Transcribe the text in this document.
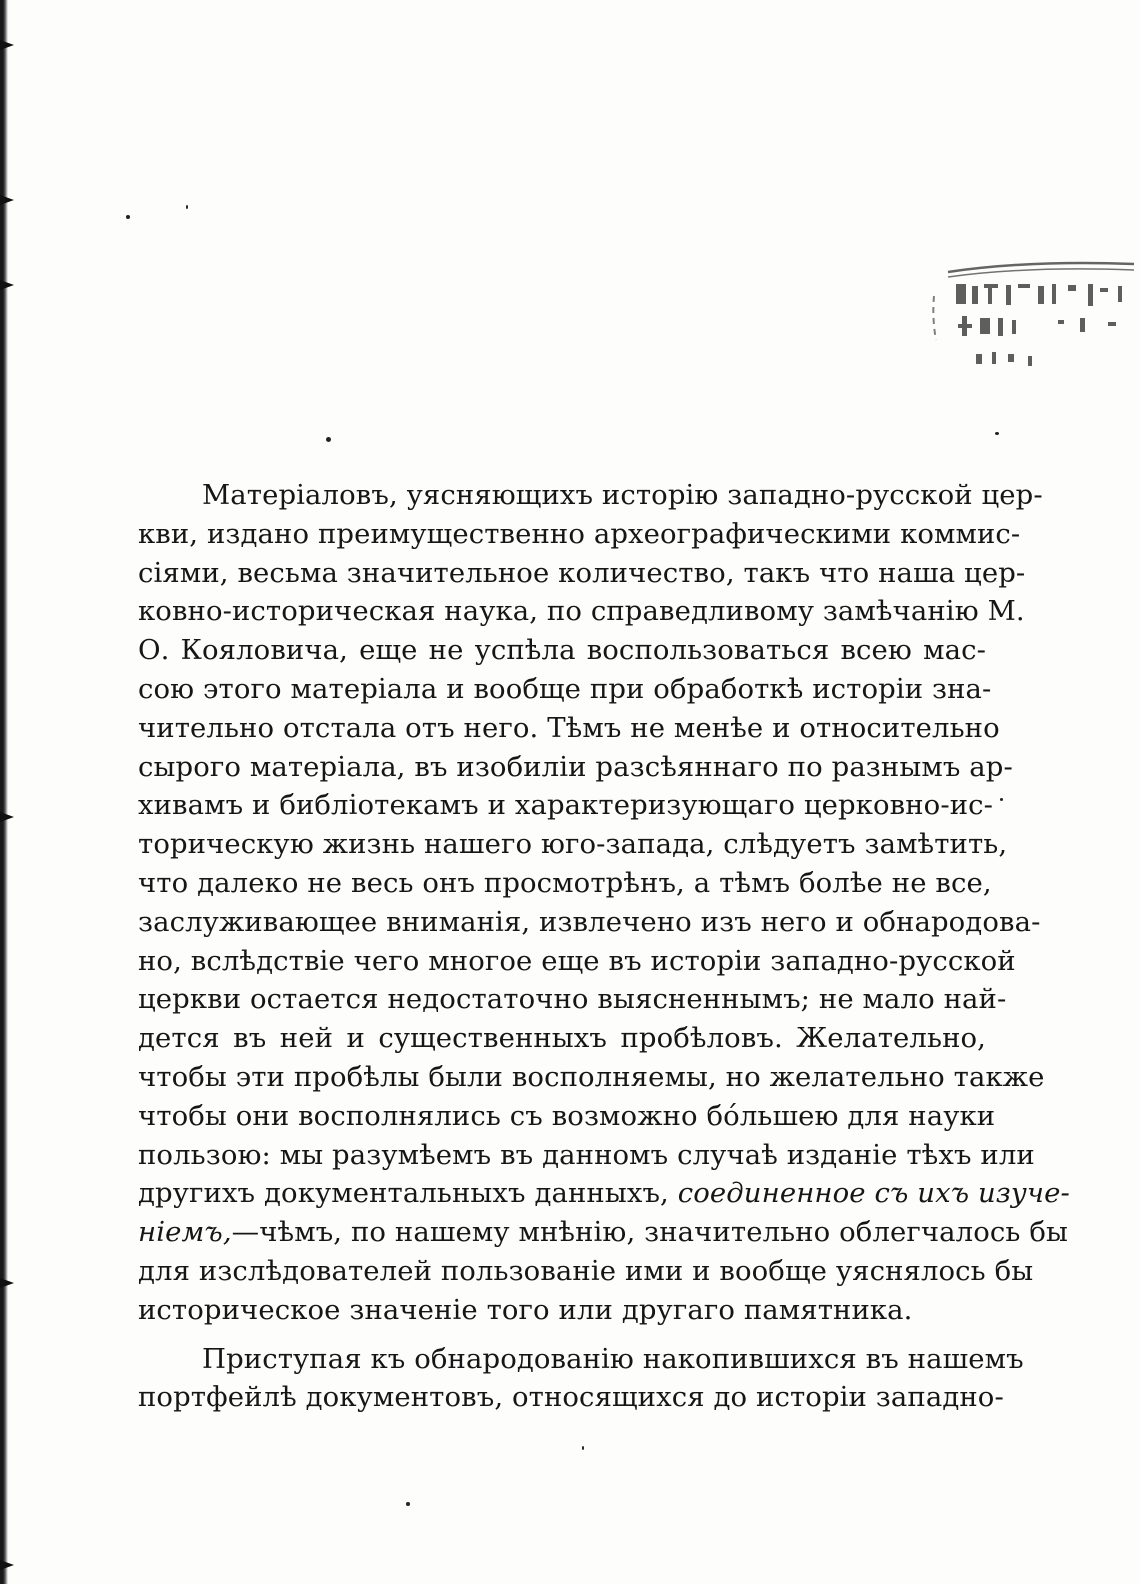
Матеріаловъ, уясняющихъ исторію западно-русской цер-
кви, издано преимущественно археографическими коммис-
сіями, весьма значительное количество, такъ что наша цер-
ковно-историческая наука, по справедливому замѣчанію М.
О. Кояловича, еще не успѣла воспользоваться всею мас-
сою этого матеріала и вообще при обработкѣ исторіи зна-
чительно отстала отъ него. Тѣмъ не менѣе и относительно
сырого матеріала, въ изобиліи разсѣяннаго по разнымъ ар-
хивамъ и библіотекамъ и характеризующаго церковно-ис-
торическую жизнь нашего юго-запада, слѣдуетъ замѣтить,
что далеко не весь онъ просмотрѣнъ, а тѣмъ болѣе не все,
заслуживающее вниманія, извлечено изъ него и обнародова-
но, вслѣдствіе чего многое еще въ исторіи западно-русской
церкви остается недостаточно выясненнымъ; не мало най-
дется въ ней и существенныхъ пробѣловъ. Желательно,
чтобы эти пробѣлы были восполняемы, но желательно также
чтобы они восполнялись съ возможно бо́льшею для науки
пользою: мы разумѣемъ въ данномъ случаѣ изданіе тѣхъ или
другихъ документальныхъ данныхъ, соединенное съ ихъ изуче-
ніемъ,—чѣмъ, по нашему мнѣнію, значительно облегчалось бы
для изслѣдователей пользованіе ими и вообще уяснялось бы
историческое значеніе того или другаго памятника.
Приступая къ обнародованію накопившихся въ нашемъ
портфейлѣ документовъ, относящихся до исторіи западно-
